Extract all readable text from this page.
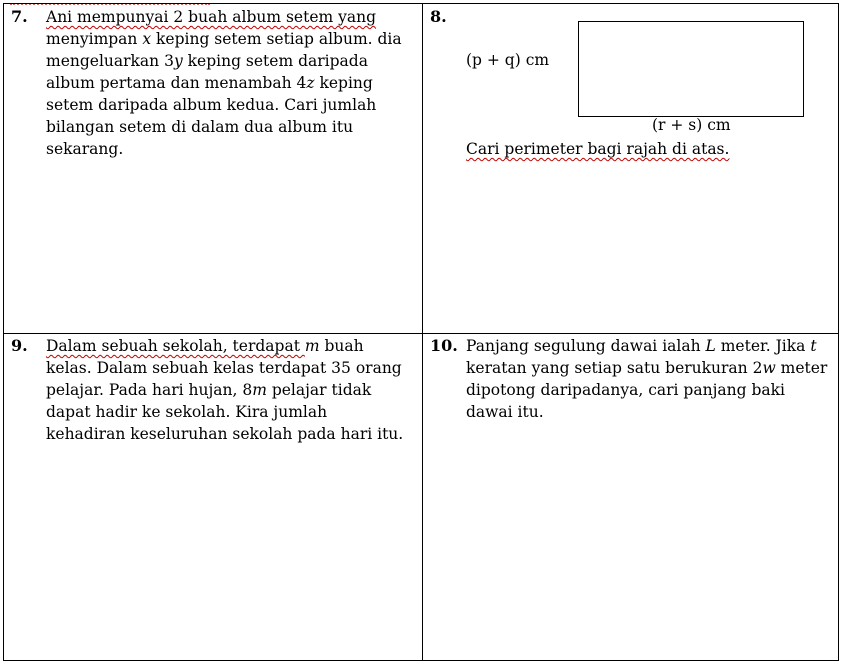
7. Ani mempunyai 2 buah album setem yang
menyimpan x keping setem setiap album. dia
mengeluarkan 3y keping setem daripada
album pertama dan menambah 4z keping
setem daripada album kedua. Cari jumlah
bilangan setem di dalam dua album itu
sekarang.
8.
(p + q) cm
(r + s) cm
Cari perimeter bagi rajah di atas.
9. Dalam sebuah sekolah, terdapat m buah
kelas. Dalam sebuah kelas terdapat 35 orang
pelajar. Pada hari hujan, 8m pelajar tidak
dapat hadir ke sekolah. Kira jumlah
kehadiran keseluruhan sekolah pada hari itu.
10. Panjang segulung dawai ialah L meter. Jika t
keratan yang setiap satu berukuran 2w meter
dipotong daripadanya, cari panjang baki
dawai itu.
